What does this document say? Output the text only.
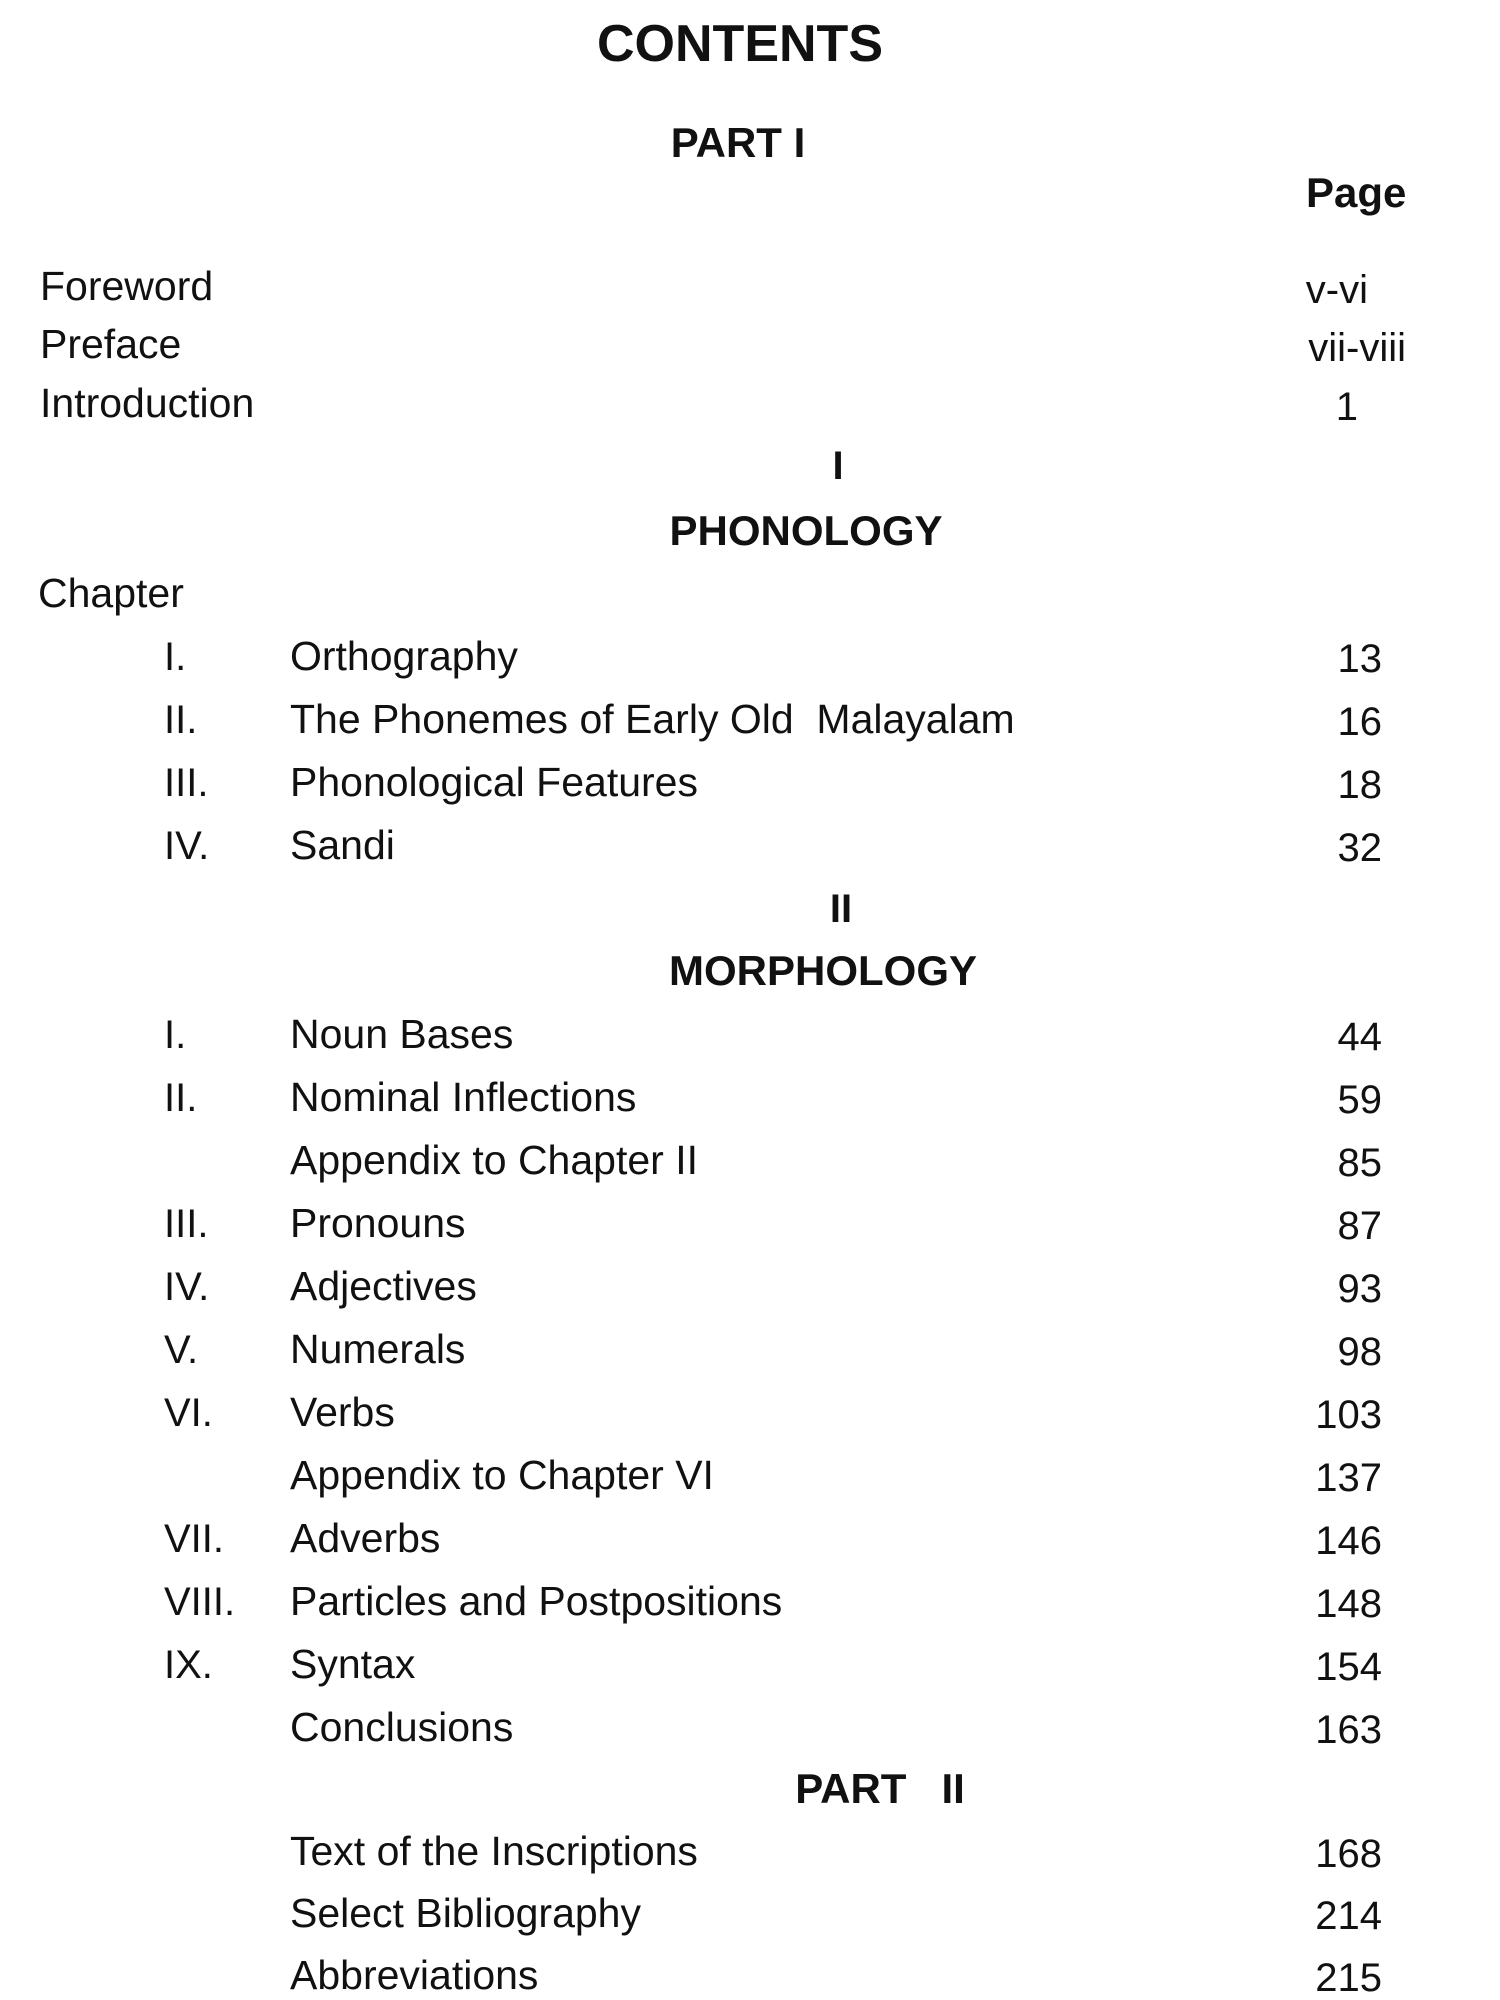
CONTENTS
PART I
Page
Foreword	v-vi
Preface	vii-viii
Introduction	1
I
PHONOLOGY
Chapter
I.	Orthography	13
II. The Phonemes of Early Old  Malayalam	16
III. Phonological Features	18
IV. Sandi	32
II
MORPHOLOGY
I.	Noun Bases	44
II. Nominal Inflections	59
Appendix to Chapter II	85
III. Pronouns	87
IV. Adjectives	93
V. Numerals	98
VI. Verbs	103
Appendix to Chapter VI	137
VII. Adverbs	146
VIII. Particles and Postpositions	148
IX. Syntax	154
Conclusions	163
PART   II
Text of the Inscriptions	168
Select Bibliography	214
Abbreviations	215
